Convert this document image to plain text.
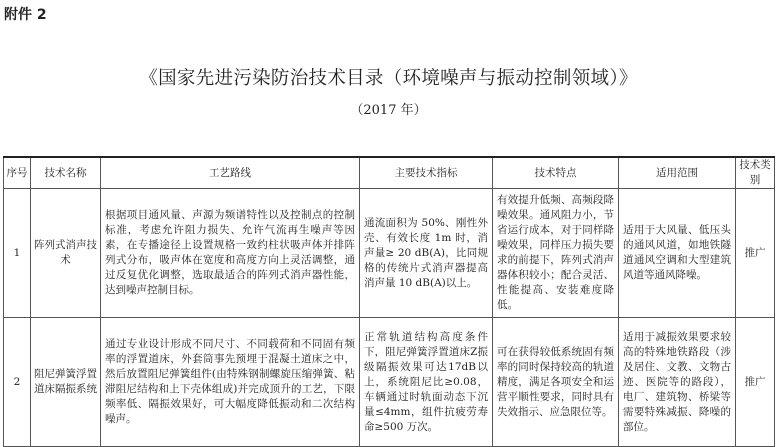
附件 2
《国家先进污染防治技术目录（环境噪声与振动控制领域）》
（2017 年）
序号	技术名称	工艺路线	主要技术指标	技术特点	适用范围	技术类别
1	阵列式消声技术	根据项目通风量、声源为频谱特性以及控制点的控制标准，考虑允许阻力损失、允许气流再生噪声等因素，在专播途径上设置规格一致约柱状吸声体并排阵列式分布，吸声体在宽度和高度方向上灵活调整，通过反复优化调整，选取最适合的阵列式消声器性能，达到噪声控制目标。	通流面积为 50%、刚性外壳、有效长度 1m 时，消声量≥ 20 dB(A)，比同规格的传统片式消声器提高消声量 10 dB(A)以上。	有效提升低频、高频段降噪效果。通风阻力小，节省运行成本，对于同样降噪效果，同样压力损失要求的前提下，阵列式消声器体积较小；配合灵活、性能提高、安装难度降低。	适用于大风量、低压头的通风风道，如地铁隧道通风空调和大型建筑风道等通风降噪。	推广
2	阻尼弹簧浮置道床隔振系统	通过专业设计形成不同尺寸、不同载荷和不同固有频率的浮置道床，外套筒事先预埋于混凝土道床之中，然后放置阻尼弹簧组件(由特殊钢制螺旋压缩弹簧、粘滞阻尼结构和上下壳体组成)并完成顶升的工艺，下限频率低、隔振效果好，可大幅度降低振动和二次结构噪声。	正常轨道结构高度条件下，阻尼弹簧浮置道床Z振级隔振效果可达17dB以上，系统阻尼比≥0.08，车辆通过时轨面动态下沉量≤4mm，组件抗疲劳寿命≥500 万次。	可在获得较低系统固有频率的同时保持较高的轨道精度，满足各项安全和运营平顺性要求，同时具有失效指示、应急限位等。	适用于减振效果要求较高的特殊地铁路段（涉及居住、文教、文物古迹、医院等的路段），电厂、建筑物、桥梁等需要特殊减振、降噪的部位。	推广
